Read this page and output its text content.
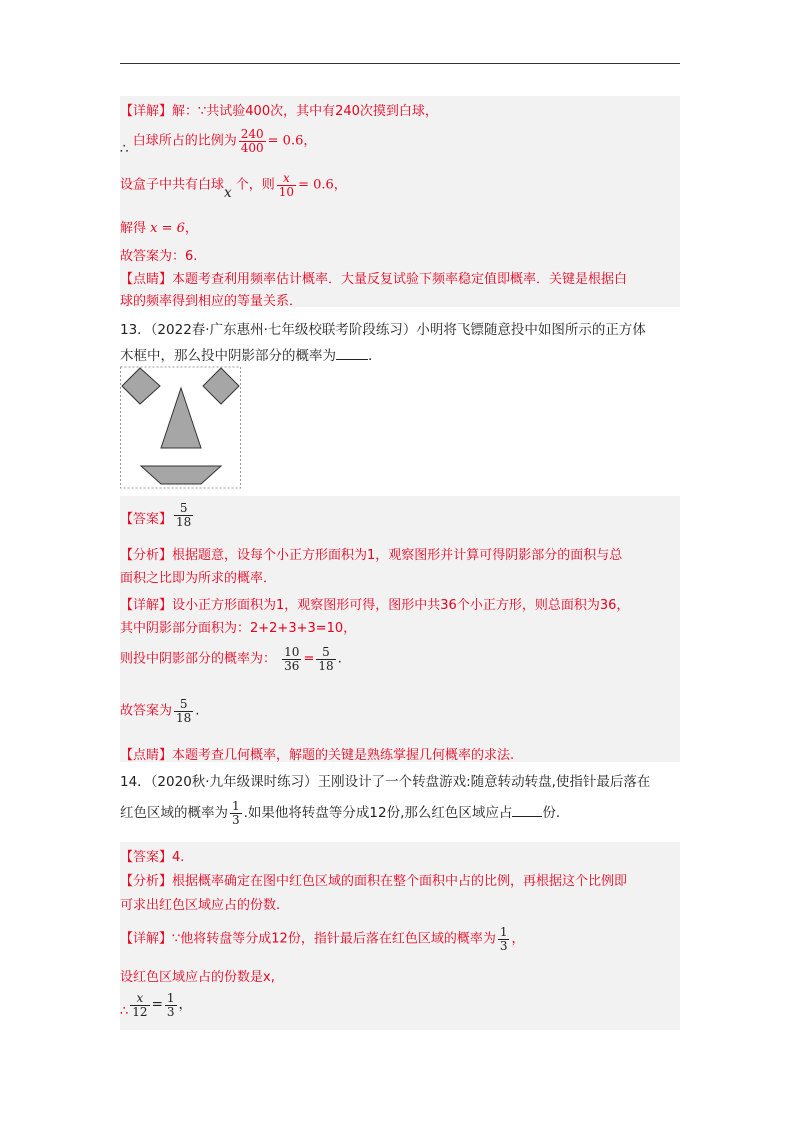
【详解】解：∵共试验400次，其中有240次摸到白球，
∴ 白球所占的比例为 $\frac{240}{400} = 0.6$，
设盒子中共有白球x 个，则 $\frac{x}{10} = 0.6$，
解得 x = 6，
故答案为：6.
【点睛】本题考查利用频率估计概率．大量反复试验下频率稳定值即概率．关键是根据白
球的频率得到相应的等量关系．
13．（2022春·广东惠州·七年级校联考阶段练习）小明将飞镖随意投中如图所示的正方体
木框中，那么投中阴影部分的概率为 ．
【答案】 $\frac{5}{18}$
【分析】根据题意，设每个小正方形面积为1，观察图形并计算可得阴影部分的面积与总
面积之比即为所求的概率．
【详解】设小正方形面积为1，观察图形可得，图形中共36个小正方形，则总面积为36，
其中阴影部分面积为：2+2+3+3=10，
则投中阴影部分的概率为： $\frac{10}{36} = \frac{5}{18}$ .
故答案为 $\frac{5}{18}$ .
【点睛】本题考查几何概率，解题的关键是熟练掌握几何概率的求法.
14．（2020秋·九年级课时练习）王刚设计了一个转盘游戏:随意转动转盘,使指针最后落在
红色区域的概率为 $\frac{1}{3}$ .如果他将转盘等分成12份,那么红色区域应占 份.
【答案】4.
【分析】根据概率确定在图中红色区域的面积在整个面积中占的比例，再根据这个比例即
可求出红色区域应占的份数.
【详解】∵他将转盘等分成12份，指针最后落在红色区域的概率为 $\frac{1}{3}$ ，
设红色区域应占的份数是x,
∴ $\frac{x}{12} = \frac{1}{3}$ ，
